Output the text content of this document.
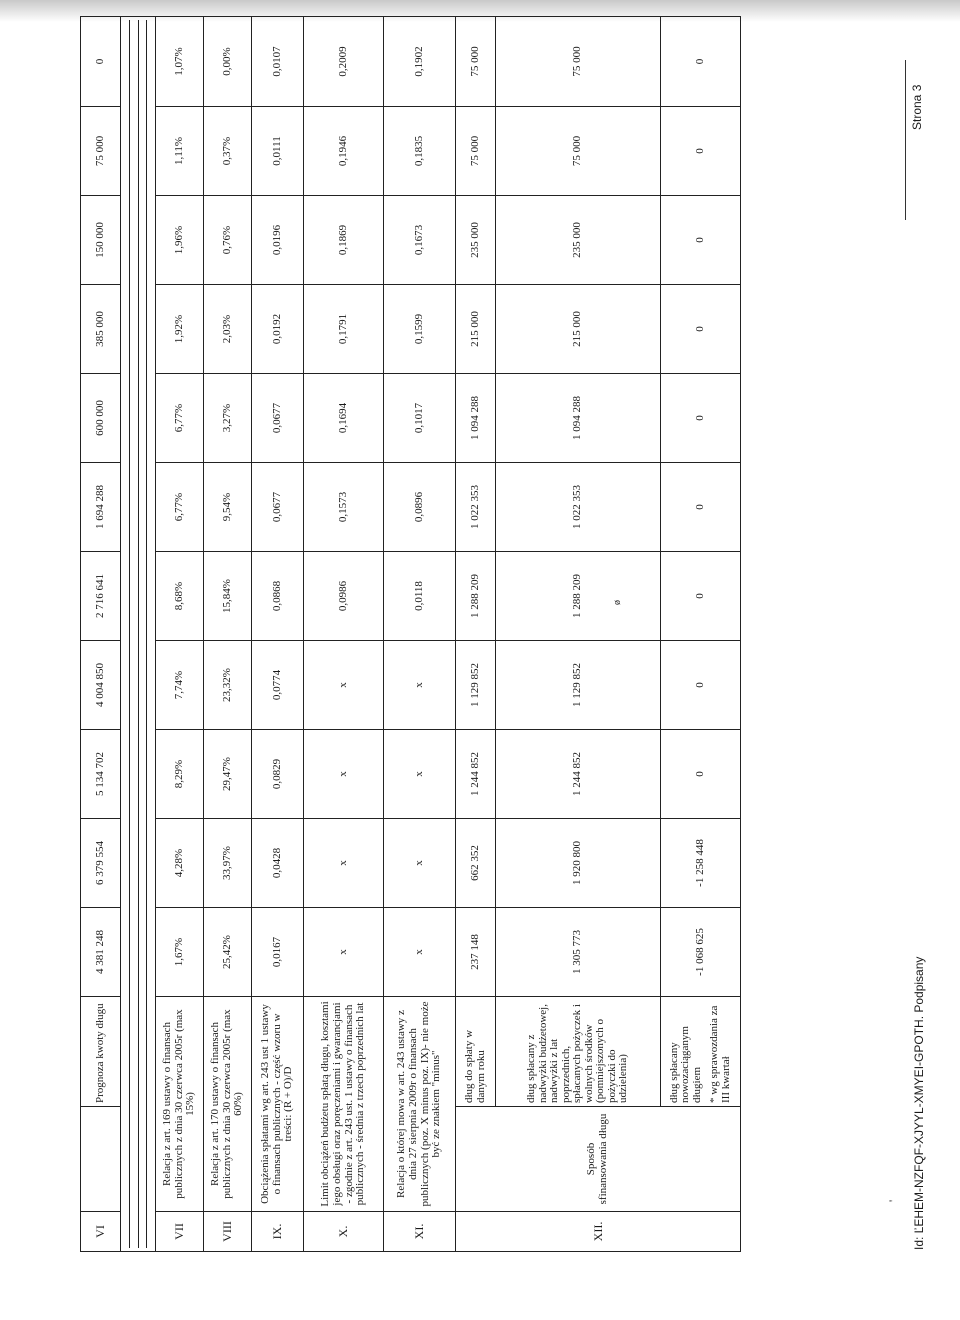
VI		Prognoza kwoty długu	4 381 248	6 379 554	5 134 702	4 004 850	2 716 641	1 694 288	600 000	385 000	150 000	75 000	0

VII	Relacja z art. 169 ustawy o finansach publicznych z dnia 30 czerwca 2005r (max 15%)		1,67%	4,28%	8,29%	7,74%	8,68%	6,77%	6,77%	1,92%	1,96%	1,11%	1,07%
VIII	Relacja z art. 170 ustawy o finansach publicznych z dnia 30 czerwca 2005r (max 60%)		25,42%	33,97%	29,47%	23,32%	15,84%	9,54%	3,27%	2,03%	0,76%	0,37%	0,00%
IX.	Obciążenia spłatami wg art. 243 ust 1 ustawy o finansach publicznych - część wzoru w treści: (R + O)/D		0,0167	0,0428	0,0829	0,0774	0,0868	0,0677	0,0677	0,0192	0,0196	0,0111	0,0107
X.	Limit obciążeń budżetu spłatą długu, kosztami jego obsługi oraz poręczeniami i gwarancjami - zgodnie z art. 243 ust. 1 ustawy o finansach publicznych - średnia z trzech poprzednich lat		x	x	x	x	0,0986	0,1573	0,1694	0,1791	0,1869	0,1946	0,2009
XI.	Relacja o której mowa w art. 243 ustawy z dnia 27 sierpnia 2009r o finansach publicznych (poz. X minus poz. IX)- nie może być ze znakiem "minus"		x	x	x	x	0,0118	0,0896	0,1017	0,1599	0,1673	0,1835	0,1902
XII.	Sposób sfinansowania długu	dług do spłaty w danym roku	237 148	662 352	1 244 852	1 129 852	1 288 209	1 022 353	1 094 288	215 000	235 000	75 000	75 000
		dług spłacany z nadwyżki budżetowej, nadwyżki z lat poprzednich, spłacanych pożyczek i wolnych środków (pomniejszonych o pożyczki do udzielenia)	1 305 773	1 920 800	1 244 852	1 129 852	1 288 209	1 022 353	1 094 288	215 000	235 000	75 000	75 000
		dług spłacany nowozaciąganym długiem * wg sprawozdania za III kwartał	-1 068 625	-1 258 448	0	0	0	0	0	0	0	0	0
ø
' Id: ĽEHEM-NZFQF-XJYYL-XMYEI-GPOTH. Podpisany
Strona 3
